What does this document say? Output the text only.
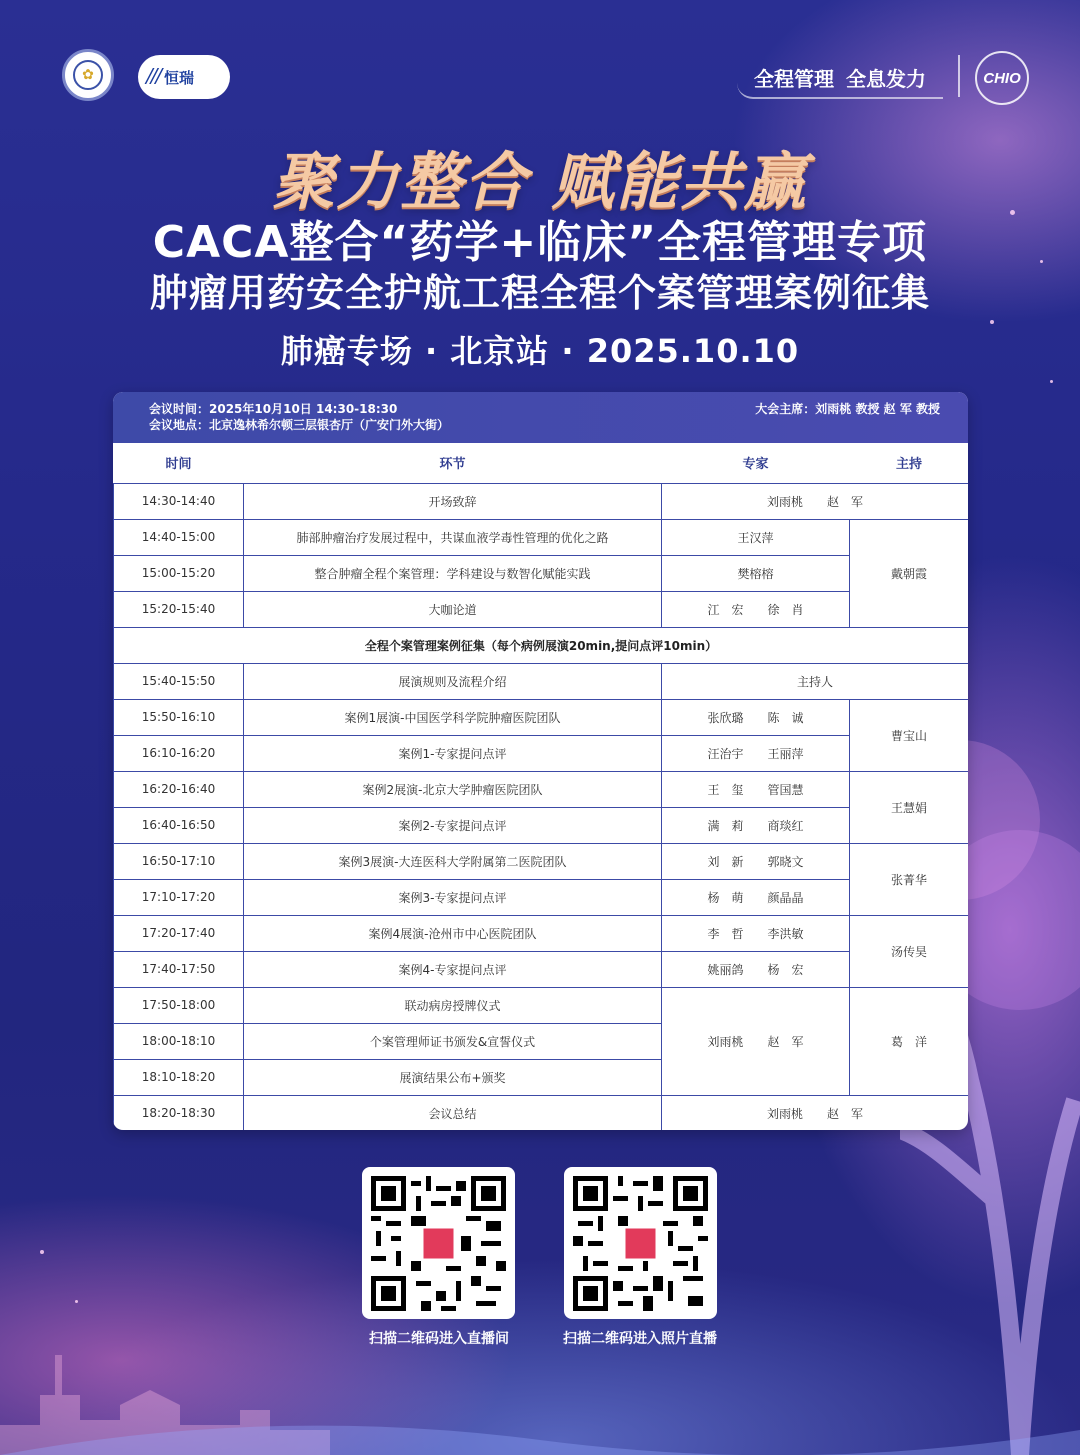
✿	/// 恒瑞	全程管理 全息发力	CHIO
聚力整合 赋能共赢
CACA整合“药学+临床”全程管理专项
肿瘤用药安全护航工程全程个案管理案例征集
肺癌专场 · 北京站 · 2025.10.10
会议时间：2025年10月10日 14:30-18:30
会议地点：北京逸林希尔顿三层银杏厅（广安门外大街）
大会主席：刘雨桃 教授 赵 军 教授
时间	环节	专家	主持
14:30-14:40	开场致辞	刘雨桃　　赵　军	
14:40-15:00	肺部肿瘤治疗发展过程中，共谋血液学毒性管理的优化之路	王汉萍	戴朝霞
15:00-15:20	整合肿瘤全程个案管理：学科建设与数智化赋能实践	樊榕榕	
15:20-15:40	大咖论道	江　宏　　徐　肖	
全程个案管理案例征集（每个病例展演20min,提问点评10min）			
15:40-15:50	展演规则及流程介绍	主持人	
15:50-16:10	案例1展演-中国医学科学院肿瘤医院团队	张欣璐　　陈　诚	曹宝山
16:10-16:20	案例1-专家提问点评	汪治宇　　王丽萍	
16:20-16:40	案例2展演-北京大学肿瘤医院团队	王　玺　　管国慧	王慧娟
16:40-16:50	案例2-专家提问点评	满　莉　　商琰红	
16:50-17:10	案例3展演-大连医科大学附属第二医院团队	刘　新　　郭晓文	张菁华
17:10-17:20	案例3-专家提问点评	杨　萌　　颜晶晶	
17:20-17:40	案例4展演-沧州市中心医院团队	李　哲　　李洪敏	汤传昊
17:40-17:50	案例4-专家提问点评	姚丽鸽　　杨　宏	
17:50-18:00	联动病房授牌仪式	刘雨桃　　赵　军	葛　洋
18:00-18:10	个案管理师证书颁发&宣誓仪式		
18:10-18:20	展演结果公布+颁奖		
18:20-18:30	会议总结	刘雨桃　　赵　军	
扫描二维码进入直播间	扫描二维码进入照片直播
